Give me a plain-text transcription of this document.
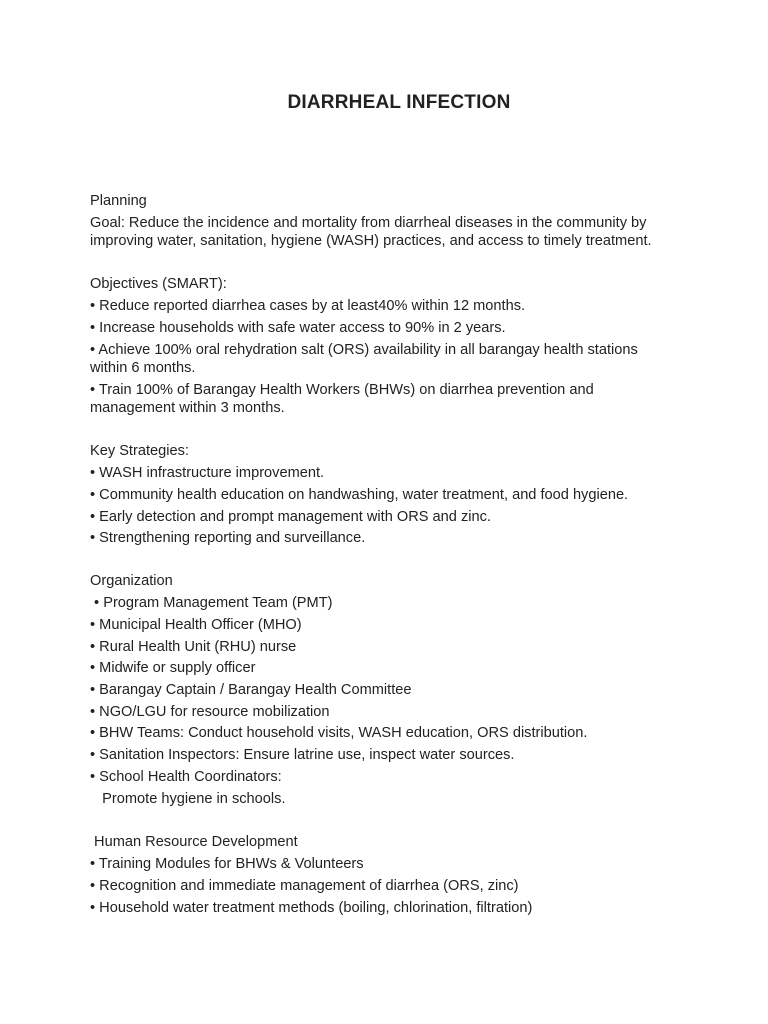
DIARRHEAL INFECTION

Planning

Goal: Reduce the incidence and mortality from diarrheal diseases in the community by

improving water, sanitation, hygiene (WASH) practices, and access to timely treatment.

Objectives (SMART):

• Reduce reported diarrhea cases by at least40% within 12 months.

• Increase households with safe water access to 90% in 2 years.

• Achieve 100% oral rehydration salt (ORS) availability in all barangay health stations

within 6 months.

• Train 100% of Barangay Health Workers (BHWs) on diarrhea prevention and

management within 3 months.

Key Strategies:

• WASH infrastructure improvement.

• Community health education on handwashing, water treatment, and food hygiene.

• Early detection and prompt management with ORS and zinc.

• Strengthening reporting and surveillance.

Organization

• Program Management Team (PMT)

• Municipal Health Officer (MHO)

• Rural Health Unit (RHU) nurse

• Midwife or supply officer

• Barangay Captain / Barangay Health Committee

• NGO/LGU for resource mobilization

• BHW Teams: Conduct household visits, WASH education, ORS distribution.

• Sanitation Inspectors: Ensure latrine use, inspect water sources.

• School Health Coordinators:

Promote hygiene in schools.

Human Resource Development

• Training Modules for BHWs & Volunteers

• Recognition and immediate management of diarrhea (ORS, zinc)

• Household water treatment methods (boiling, chlorination, filtration)
